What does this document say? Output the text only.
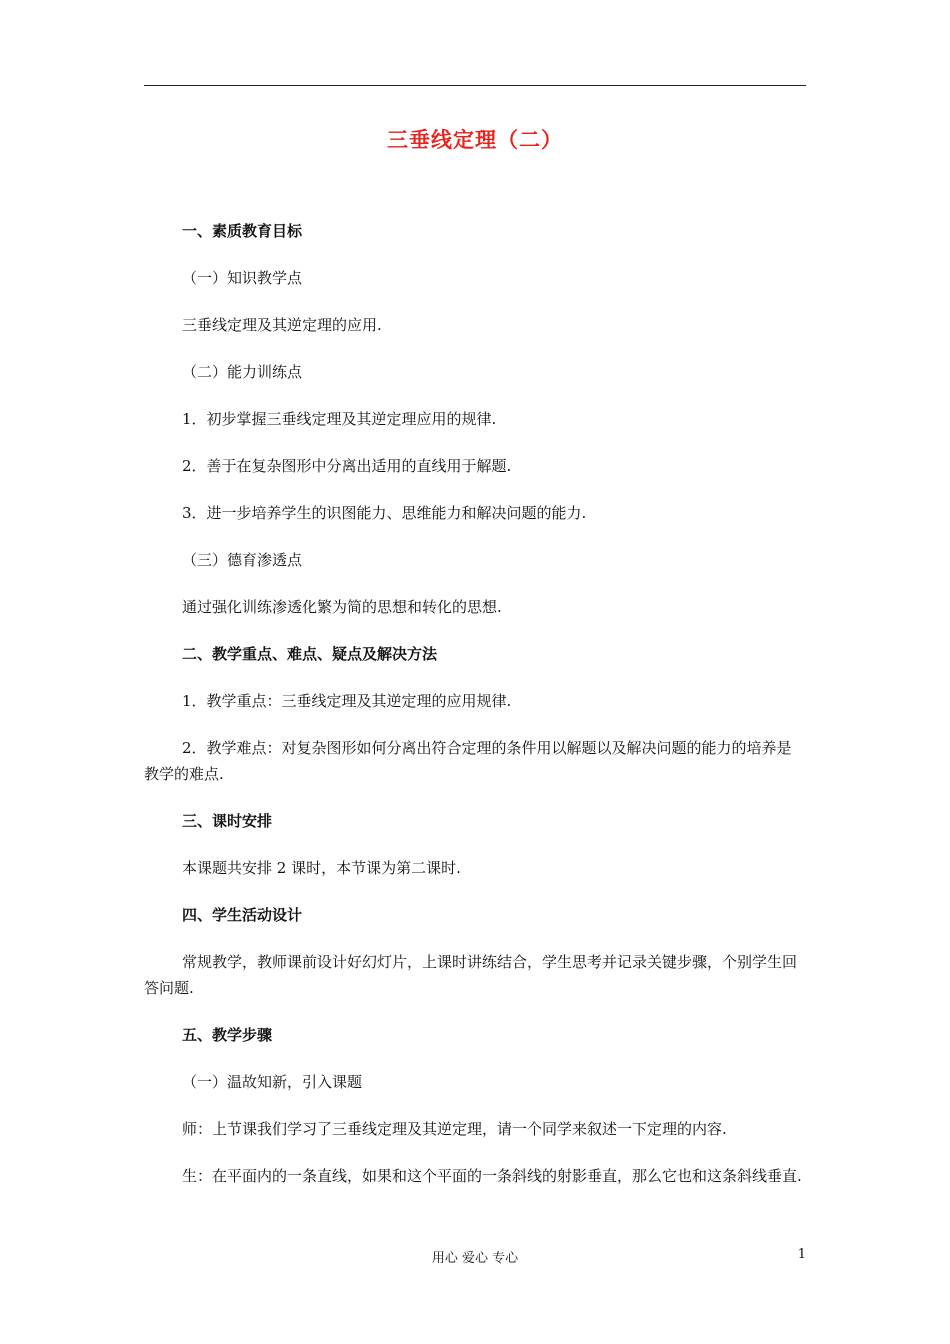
三垂线定理（二）

一、素质教育目标

（一）知识教学点

三垂线定理及其逆定理的应用.

（二）能力训练点

1．初步掌握三垂线定理及其逆定理应用的规律.

2．善于在复杂图形中分离出适用的直线用于解题.

3．进一步培养学生的识图能力、思维能力和解决问题的能力.

（三）德育渗透点

通过强化训练渗透化繁为简的思想和转化的思想.

二、教学重点、难点、疑点及解决方法

1．教学重点：三垂线定理及其逆定理的应用规律.

2．教学难点：对复杂图形如何分离出符合定理的条件用以解题以及解决问题的能力的培养是教学的难点.

三、课时安排

本课题共安排 2 课时，本节课为第二课时.

四、学生活动设计

常规教学，教师课前设计好幻灯片，上课时讲练结合，学生思考并记录关键步骤，个别学生回答问题.

五、教学步骤

（一）温故知新，引入课题

师：上节课我们学习了三垂线定理及其逆定理，请一个同学来叙述一下定理的内容.

生：在平面内的一条直线，如果和这个平面的一条斜线的射影垂直，那么它也和这条斜线垂直.

用心 爱心 专心	1
